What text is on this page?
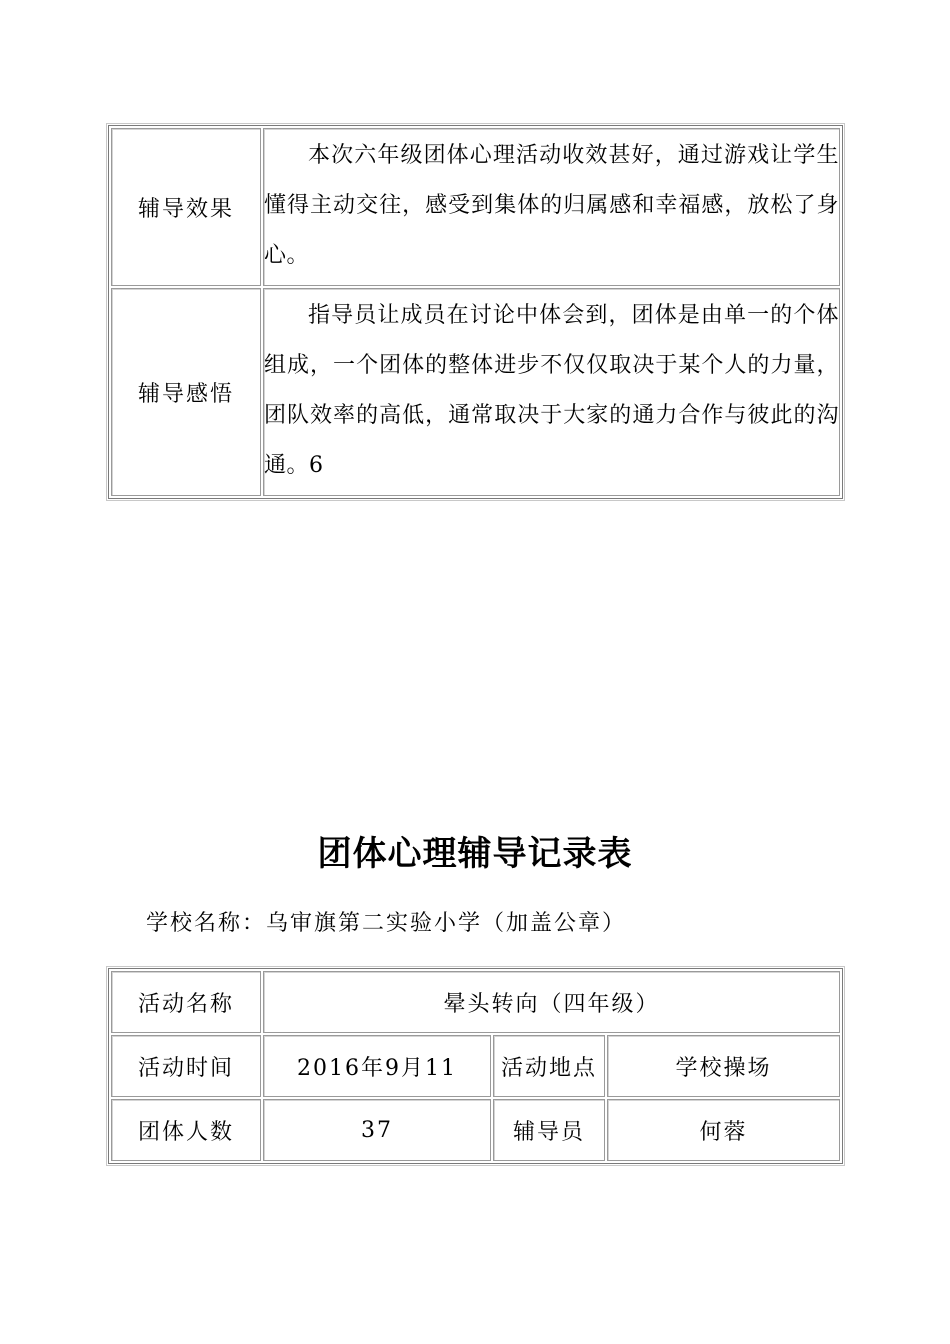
辅导效果	本次六年级团体心理活动收效甚好，通过游戏让学生懂得主动交往，感受到集体的归属感和幸福感，放松了身心。

辅导感悟	指导员让成员在讨论中体会到，团体是由单一的个体组成，一个团体的整体进步不仅仅取决于某个人的力量，团队效率的高低，通常取决于大家的通力合作与彼此的沟通。6

团体心理辅导记录表
学校名称：乌审旗第二实验小学（加盖公章）
活动名称	晕头转向（四年级）		
活动时间	2016年9月11	活动地点	学校操场
团体人数	37	辅导员	何蓉
